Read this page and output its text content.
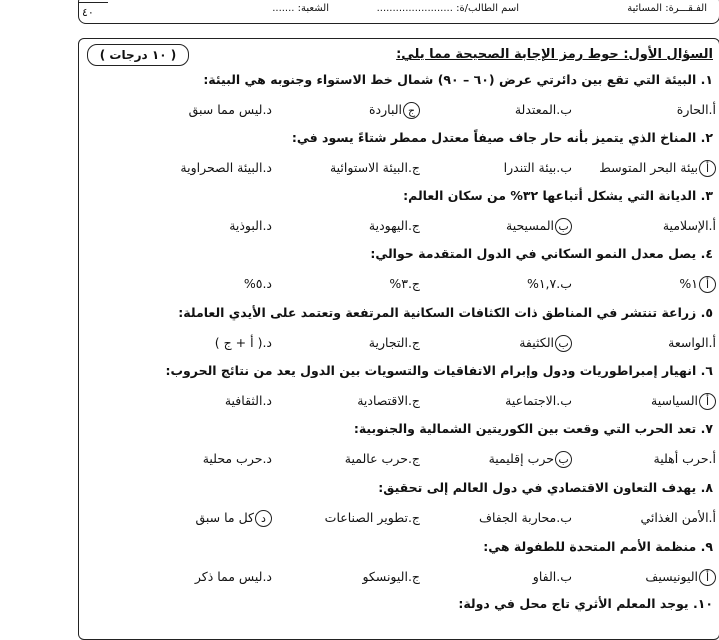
الفـقـــرة: المسائية
اسم الطالب/ة: ........................
الشعبة: .......
٤٠
السؤال الأول: حوط رمز الإجابة الصحيحة مما يلي:
( ١٠ درجات )
١. البيئة التي تقع بين دائرتي عرض (٦٠ – ٩٠) شمال خط الاستواء وجنوبه هي البيئة:
أ.الحارة
ب.المعتدلة
جالباردة
د.ليس مما سبق
٢. المناخ الذي يتميز بأنه حار جاف صيفاً معتدل ممطر شتاءً يسود في:
أبيئة البحر المتوسط
ب.بيئة التندرا
ج.البيئة الاستوائية
د.البيئة الصحراوية
٣. الديانة التي يشكل أتباعها ٣٢% من سكان العالم:
أ.الإسلامية
بالمسيحية
ج.اليهودية
د.البوذية
٤. يصل معدل النمو السكاني في الدول المتقدمة حوالي:
أ١%
ب.١,٧%
ج.٣%
د.٥%
٥. زراعة تنتشر في المناطق ذات الكثافات السكانية المرتفعة وتعتمد على الأيدي العاملة:
أ.الواسعة
بالكثيفة
ج.التجارية
د.( أ + ج )
٦. انهيار إمبراطوريات ودول وإبرام الاتفاقيات والتسويات بين الدول يعد من نتائج الحروب:
أالسياسية
ب.الاجتماعية
ج.الاقتصادية
د.الثقافية
٧. تعد الحرب التي وقعت بين الكوريتين الشمالية والجنوبية:
أ.حرب أهلية
بحرب إقليمية
ج.حرب عالمية
د.حرب محلية
٨. يهدف التعاون الاقتصادي في دول العالم إلى تحقيق:
أ.الأمن الغذائي
ب.محاربة الجفاف
ج.تطوير الصناعات
دكل ما سبق
٩. منظمة الأمم المتحدة للطفولة هي:
أاليونيسيف
ب.الفاو
ج.اليونسكو
د.ليس مما ذكر
١٠. يوجد المعلم الأثري تاج محل في دولة:
